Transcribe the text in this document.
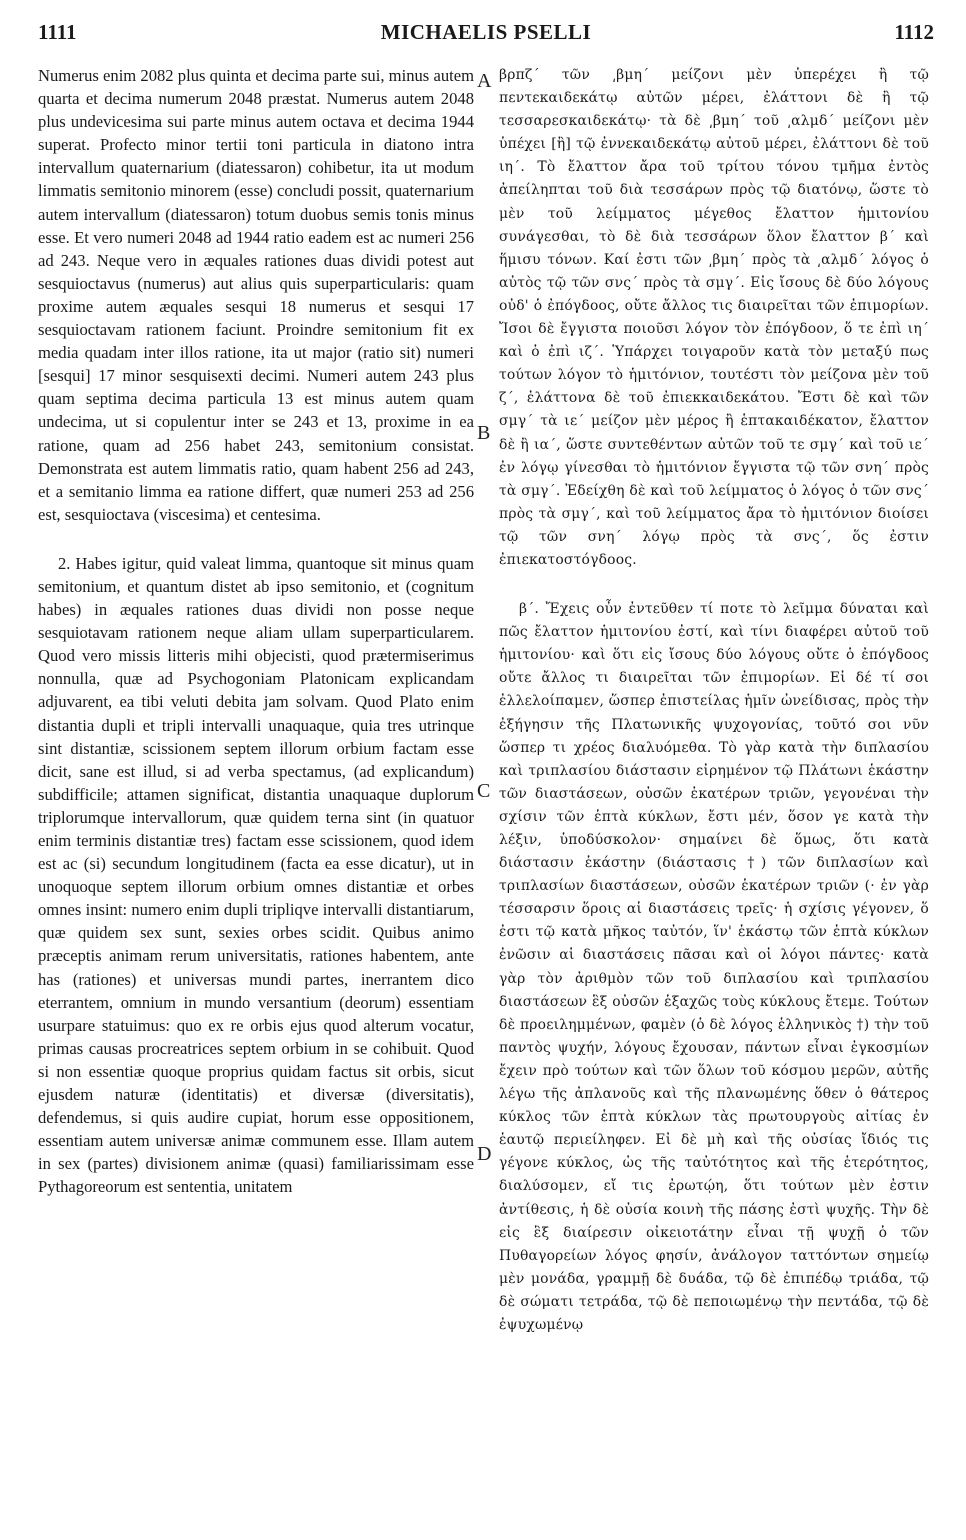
1111	MICHAELIS PSELLI	1112

Numerus enim 2082 plus quinta et decima parte sui, minus autem quarta et decima numerum 2048 præstat. Numerus autem 2048 plus undevicesima sui parte minus autem octava et decima 1944 superat. Profecto minor tertii toni particula in diatono intra intervallum quaternarium (diatessaron) cohibetur, ita ut modum limmatis semitonio minorem (esse) concludi possit, quaternarium autem intervallum (diatessaron) totum duobus semis tonis minus esse. Et vero numeri 2048 ad 1944 ratio eadem est ac numeri 256 ad 243. Neque vero in æquales rationes duas dividi potest aut sesquioctavus (numerus) aut alius quis superparticularis: quam proxime autem æquales sesqui 18 numerus et sesqui 17 sesquioctavam rationem faciunt. Proindre semitonium fit ex media quadam inter illos ratione, ita ut major (ratio sit) numeri [sesqui] 17 minor sesquisexti decimi. Numeri autem 243 plus quam septima decima particula 13 est minus autem quam undecima, ut si copulentur inter se 243 et 13, proxime in ea ratione, quam ad 256 habet 243, semitonium consistat. Demonstrata est autem limmatis ratio, quam habent 256 ad 243, et a semitanio limma ea ratione differt, quæ numeri 253 ad 256 est, sesquioctava (viscesima) et centesima.

2. Habes igitur, quid valeat limma, quantoque sit minus quam semitonium, et quantum distet ab ipso semitonio, et (cognitum habes) in æquales rationes duas dividi non posse neque sesquiotavam rationem neque aliam ullam superparticularem. Quod vero missis litteris mihi objecisti, quod prætermiserimus nonnulla, quæ ad Psychogoniam Platonicam explicandam adjuvarent, ea tibi veluti debita jam solvam. Quod Plato enim distantia dupli et tripli intervalli unaquaque, quia tres utrinque sint distantiæ, scissionem septem illorum orbium factam esse dicit, sane est illud, si ad verba spectamus, (ad explicandum) subdifficile; attamen significat, distantia unaquaque duplorum triplorumque intervallorum, quæ quidem terna sint (in quatuor enim terminis distantiæ tres) factam esse scissionem, quod idem est ac (si) secundum longitudinem (facta ea esse dicatur), ut in unoquoque septem illorum orbium omnes distantiæ et orbes omnes insint: numero enim dupli tripliqve intervalli distantiarum, quæ quidem sex sunt, sexies orbes scidit. Quibus animo præceptis animam rerum universitatis, rationes habentem, ante has (rationes) et universas mundi partes, inerrantem dico eterrantem, omnium in mundo versantium (deorum) essentiam usurpare statuimus: quo ex re orbis ejus quod alterum vocatur, primas causas procreatrices septem orbium in se cohibuit. Quod si non essentiæ quoque proprius quidam factus sit orbis, sicut ejusdem naturæ (identitatis) et diversæ (diversitatis), defendemus, si quis audire cupiat, horum esse oppositionem, essentiam autem universæ animæ communem esse. Illam autem in sex (partes) divisionem animæ (quasi) familiarissimam esse Pythagoreorum est sententia, unitatem

βρπζ΄ τῶν ͵βμη΄ μείζονι μὲν ὑπερέχει ἢ τῷ πεντεκαιδεκάτῳ αὐτῶν μέρει, ἐλάττονι δὲ ἢ τῷ τεσσαρεσκαιδεκάτῳ· τὰ δὲ ͵βμη΄ τοῦ ͵αλμδ΄ μείζονι μὲν ὑπέχει [ἢ] τῷ ἐννεκαιδεκάτῳ αὐτοῦ μέρει, ἐλάττονι δὲ τοῦ ιη΄. Τὸ ἔλαττον ἄρα τοῦ τρίτου τόνου τμῆμα ἐντὸς ἀπείληπται τοῦ διὰ τεσσάρων πρὸς τῷ διατόνῳ, ὥστε τὸ μὲν τοῦ λείμματος μέγεθος ἔλαττον ἡμιτονίου συνάγεσθαι, τὸ δὲ διὰ τεσσάρων ὅλον ἔλαττον β΄ καὶ ἥμισυ τόνων. Καί ἐστι τῶν ͵βμη΄ πρὸς τὰ ͵αλμδ΄ λόγος ὁ αὐτὸς τῷ τῶν σνς΄ πρὸς τὰ σμγ΄. Εἰς ἴσους δὲ δύο λόγους οὐδ' ὁ ἐπόγδοος, οὔτε ἄλλος τις διαιρεῖται τῶν ἐπιμορίων. Ἴσοι δὲ ἔγγιστα ποιοῦσι λόγον τὸν ἐπόγδοον, ὅ τε ἐπὶ ιη΄ καὶ ὁ ἐπὶ ιζ΄. Ὑπάρχει τοιγαροῦν κατὰ τὸν μεταξύ πως τούτων λόγον τὸ ἡμιτόνιον, τουτέστι τὸν μείζονα μὲν τοῦ ζ΄, ἐλάττονα δὲ τοῦ ἐπιεκκαιδεκάτου. Ἔστι δὲ καὶ τῶν σμγ΄ τὰ ιε΄ μείζον μὲν μέρος ἢ ἑπτακαιδέκατον, ἔλαττον δὲ ἢ ια΄, ὥστε συντεθέντων αὐτῶν τοῦ τε σμγ΄ καὶ τοῦ ιε΄ ἐν λόγῳ γίνεσθαι τὸ ἡμιτόνιον ἔγγιστα τῷ τῶν σνη΄ πρὸς τὰ σμγ΄. Ἐδείχθη δὲ καὶ τοῦ λείμματος ὁ λόγος ὁ τῶν σνς΄ πρὸς τὰ σμγ΄, καὶ τοῦ λείμματος ἄρα τὸ ἡμιτόνιον διοίσει τῷ τῶν σνη΄ λόγῳ πρὸς τὰ σνς΄, ὅς ἐστιν ἐπιεκατοστόγδοος.

β΄. Ἔχεις οὖν ἐντεῦθεν τί ποτε τὸ λεῖμμα δύναται καὶ πῶς ἔλαττον ἡμιτονίου ἐστί, καὶ τίνι διαφέρει αὐτοῦ τοῦ ἡμιτονίου· καὶ ὅτι εἰς ἴσους δύο λόγους οὔτε ὁ ἐπόγδοος οὔτε ἄλλος τι διαιρεῖται τῶν ἐπιμορίων. Εἰ δέ τί σοι ἐλλελοίπαμεν, ὥσπερ ἐπιστείλας ἡμῖν ὠνείδισας, πρὸς τὴν ἐξήγησιν τῆς Πλατωνικῆς ψυχογονίας, τοῦτό σοι νῦν ὥσπερ τι χρέος διαλυόμεθα. Τὸ γὰρ κατὰ τὴν διπλασίου καὶ τριπλασίου διάστασιν εἰρημένον τῷ Πλάτωνι ἑκάστην τῶν διαστάσεων, οὐσῶν ἑκατέρων τριῶν, γεγονέναι τὴν σχίσιν τῶν ἑπτὰ κύκλων, ἔστι μέν, ὅσον γε κατὰ τὴν λέξιν, ὑποδύσκολον· σημαίνει δὲ ὅμως, ὅτι κατὰ διάστασιν ἑκάστην (διάστασις †) τῶν διπλασίων καὶ τριπλασίων διαστάσεων, οὐσῶν ἑκατέρων τριῶν (· ἐν γὰρ τέσσαρσιν ὅροις αἱ διαστάσεις τρεῖς· ἡ σχίσις γέγονεν, ὅ ἐστι τῷ κατὰ μῆκος ταὐτόν, ἵν' ἑκάστῳ τῶν ἑπτὰ κύκλων ἐνῶσιν αἱ διαστάσεις πᾶσαι καὶ οἱ λόγοι πάντες· κατὰ γὰρ τὸν ἀριθμὸν τῶν τοῦ διπλασίου καὶ τριπλασίου διαστάσεων ἓξ οὐσῶν ἑξαχῶς τοὺς κύκλους ἔτεμε. Τούτων δὲ προειλημμένων, φαμὲν (ὁ δὲ λόγος ἑλληνικὸς †) τὴν τοῦ παντὸς ψυχήν, λόγους ἔχουσαν, πάντων εἶναι ἐγκοσμίων ἔχειν πρὸ τούτων καὶ τῶν ὅλων τοῦ κόσμου μερῶν, αὐτῆς λέγω τῆς ἀπλανοῦς καὶ τῆς πλανωμένης ὅθεν ὁ θάτερος κύκλος τῶν ἑπτὰ κύκλων τὰς πρωτουργοὺς αἰτίας ἐν ἑαυτῷ περιείληφεν. Εἰ δὲ μὴ καὶ τῆς οὐσίας ἴδιός τις γέγονε κύκλος, ὡς τῆς ταὐτότητος καὶ τῆς ἑτερότητος, διαλύσομεν, εἴ τις ἐρωτῴη, ὅτι τούτων μὲν ἐστιν ἀντίθεσις, ἡ δὲ οὐσία κοινὴ τῆς πάσης ἐστὶ ψυχῆς. Τὴν δὲ εἰς ἓξ διαίρεσιν οἰκειοτάτην εἶναι τῇ ψυχῇ ὁ τῶν Πυθαγορείων λόγος φησίν, ἀνάλογον ταττόντων σημείῳ μὲν μονάδα, γραμμῇ δὲ δυάδα, τῷ δὲ ἐπιπέδῳ τριάδα, τῷ δὲ σώματι τετράδα, τῷ δὲ πεποιωμένῳ τὴν πεντάδα, τῷ δὲ ἐψυχωμένῳ

A
B
C
D
